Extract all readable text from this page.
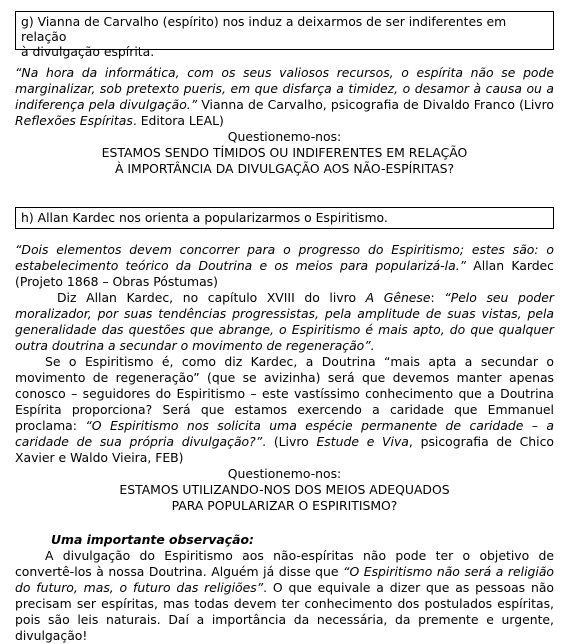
g) Vianna de Carvalho (espírito) nos induz a deixarmos de ser indiferentes em relação
à divulgação espírita.

“Na hora da informática, com os seus valiosos recursos, o espírita não se pode marginalizar, sob pretexto pueris, em que disfarça a timidez, o desamor à causa ou a indiferença pela divulgação.” Vianna de Carvalho, psicografia de Divaldo Franco (Livro Reflexões Espíritas. Editora LEAL)

Questionemo-nos:

ESTAMOS SENDO TÍMIDOS OU INDIFERENTES EM RELAÇÃO

À IMPORTÂNCIA DA DIVULGAÇÃO AOS NÃO-ESPÍRITAS?

h) Allan Kardec nos orienta a popularizarmos o Espiritismo.

“Dois elementos devem concorrer para o progresso do Espiritismo; estes são: o estabelecimento teórico da Doutrina e os meios para popularizá-la.” Allan Kardec (Projeto 1868 – Obras Póstumas)

Diz Allan Kardec, no capítulo XVIII do livro A Gênese: “Pelo seu poder moralizador, por suas tendências progressistas, pela amplitude de suas vistas, pela generalidade das questões que abrange, o Espiritismo é mais apto, do que qualquer outra doutrina a secundar o movimento de regeneração”.

Se o Espiritismo é, como diz Kardec, a Doutrina “mais apta a secundar o movimento de regeneração” (que se avizinha) será que devemos manter apenas conosco – seguidores do Espiritismo – este vastíssimo conhecimento que a Doutrina Espírita proporciona? Será que estamos exercendo a caridade que Emmanuel proclama: “O Espiritismo nos solicita uma espécie permanente de caridade – a caridade de sua própria divulgação?”. (Livro Estude e Viva, psicografia de Chico Xavier e Waldo Vieira, FEB)

Questionemo-nos:

ESTAMOS UTILIZANDO-NOS DOS MEIOS ADEQUADOS

PARA POPULARIZAR O ESPIRITISMO?

Uma importante observação:

A divulgação do Espiritismo aos não-espíritas não pode ter o objetivo de convertê-los à nossa Doutrina. Alguém já disse que “O Espiritismo não será a religião do futuro, mas, o futuro das religiões”. O que equivale a dizer que as pessoas não precisam ser espíritas, mas todas devem ter conhecimento dos postulados espíritas, pois são leis naturais. Daí a importância da necessária, da premente e urgente, divulgação!
